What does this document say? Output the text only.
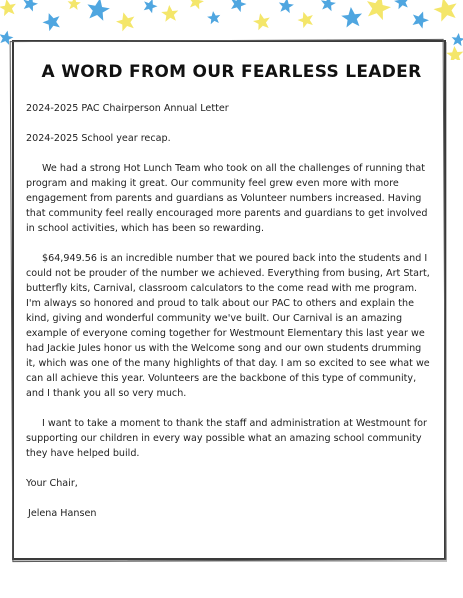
A WORD FROM OUR FEARLESS LEADER

2024-2025 PAC Chairperson Annual Letter

2024-2025 School year recap.

We had a strong Hot Lunch Team who took on all the challenges of running that program and making it great. Our community feel grew even more with more engagement from parents and guardians as Volunteer numbers increased. Having that community feel really encouraged more parents and guardians to get involved in school activities, which has been so rewarding.

$64,949.56 is an incredible number that we poured back into the students and I could not be prouder of the number we achieved. Everything from busing, Art Start, butterfly kits, Carnival, classroom calculators to the come read with me program. I'm always so honored and proud to talk about our PAC to others and explain the kind, giving and wonderful community we've built. Our Carnival is an amazing example of everyone coming together for Westmount Elementary this last year we had Jackie Jules honor us with the Welcome song and our own students drumming it, which was one of the many highlights of that day. I am so excited to see what we can all achieve this year. Volunteers are the backbone of this type of community, and I thank you all so very much.

I want to take a moment to thank the staff and administration at Westmount for supporting our children in every way possible what an amazing school community they have helped build.

Your Chair,

Jelena Hansen
